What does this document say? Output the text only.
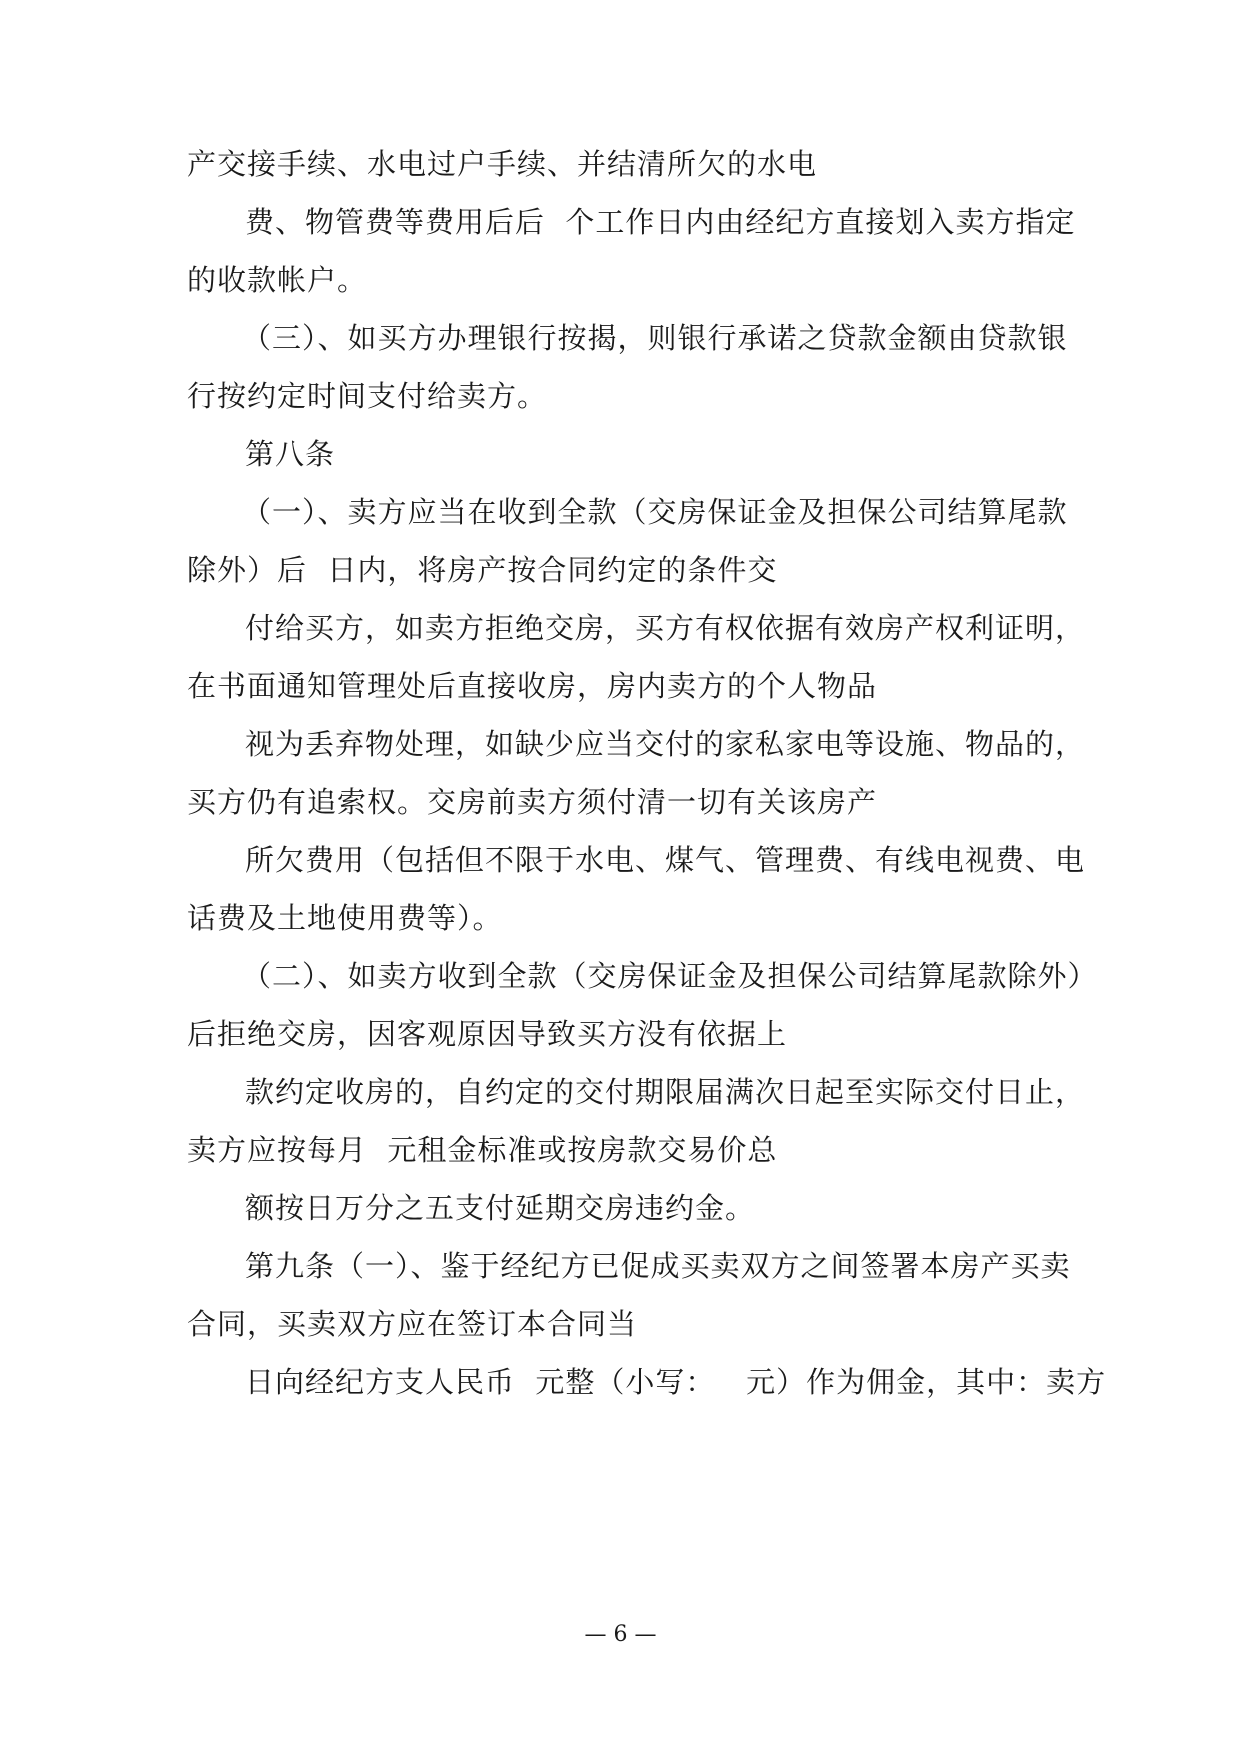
产交接手续、水电过户手续、并结清所欠的水电
费、物管费等费用后后  个工作日内由经纪方直接划入卖方指定
的收款帐户。
（三）、如买方办理银行按揭，则银行承诺之贷款金额由贷款银
行按约定时间支付给卖方。
第八条
（一）、卖方应当在收到全款（交房保证金及担保公司结算尾款
除外）后  日内，将房产按合同约定的条件交
付给买方，如卖方拒绝交房，买方有权依据有效房产权利证明，
在书面通知管理处后直接收房，房内卖方的个人物品
视为丢弃物处理，如缺少应当交付的家私家电等设施、物品的，
买方仍有追索权。交房前卖方须付清一切有关该房产
所欠费用（包括但不限于水电、煤气、管理费、有线电视费、电
话费及土地使用费等）。
（二）、如卖方收到全款（交房保证金及担保公司结算尾款除外）
后拒绝交房，因客观原因导致买方没有依据上
款约定收房的，自约定的交付期限届满次日起至实际交付日止，
卖方应按每月  元租金标准或按房款交易价总
额按日万分之五支付延期交房违约金。
第九条（一）、鉴于经纪方已促成买卖双方之间签署本房产买卖
合同，买卖双方应在签订本合同当
日向经纪方支人民币  元整（小写：   元）作为佣金，其中：卖方
— 6 —
